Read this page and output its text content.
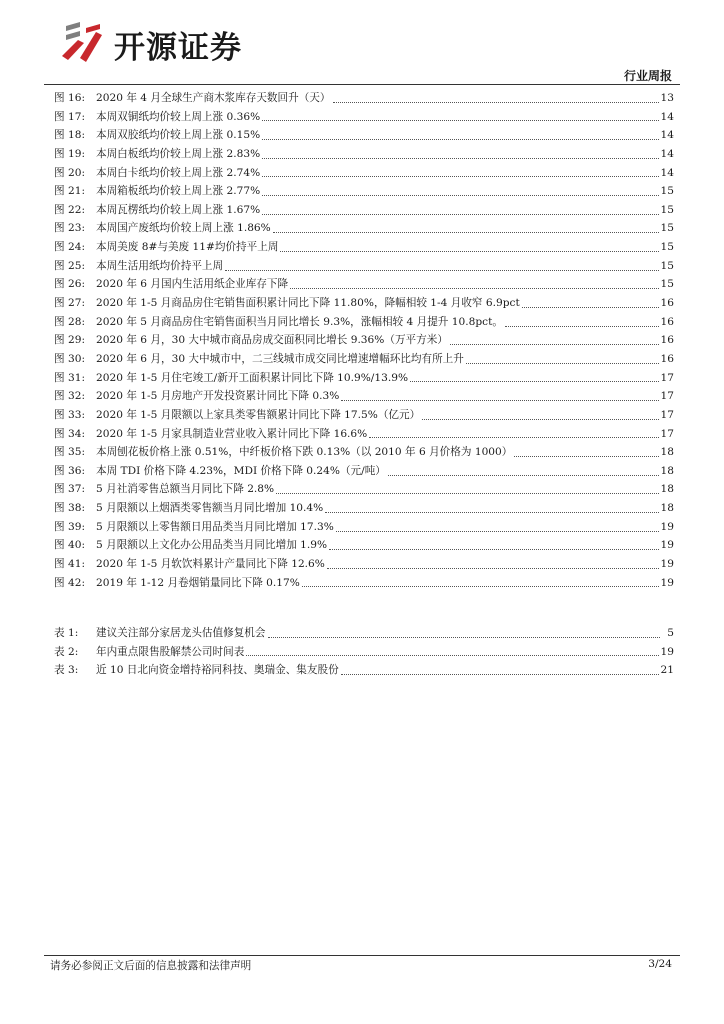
开源证券
行业周报
图 16:	2020 年 4 月全球生产商木浆库存天数回升（天）	13
图 17:	本周双铜纸均价较上周上涨 0.36%	14
图 18:	本周双胶纸均价较上周上涨 0.15%	14
图 19:	本周白板纸均价较上周上涨 2.83%	14
图 20:	本周白卡纸均价较上周上涨 2.74%	14
图 21:	本周箱板纸均价较上周上涨 2.77%	15
图 22:	本周瓦楞纸均价较上周上涨 1.67%	15
图 23:	本周国产废纸均价较上周上涨 1.86%	15
图 24:	本周美废 8#与美废 11#均价持平上周	15
图 25:	本周生活用纸均价持平上周	15
图 26:	2020 年 6 月国内生活用纸企业库存下降	15
图 27:	2020 年 1-5 月商品房住宅销售面积累计同比下降 11.80%，降幅相较 1-4 月收窄 6.9pct	16
图 28:	2020 年 5 月商品房住宅销售面积当月同比增长 9.3%，涨幅相较 4 月提升 10.8pct。	16
图 29:	2020 年 6 月，30 大中城市商品房成交面积同比增长 9.36%（万平方米）	16
图 30:	2020 年 6 月，30 大中城市中，二三线城市成交同比增速增幅环比均有所上升	16
图 31:	2020 年 1-5 月住宅竣工/新开工面积累计同比下降 10.9%/13.9%	17
图 32:	2020 年 1-5 月房地产开发投资累计同比下降 0.3%	17
图 33:	2020 年 1-5 月限额以上家具类零售额累计同比下降 17.5%（亿元）	17
图 34:	2020 年 1-5 月家具制造业营业收入累计同比下降 16.6%	17
图 35:	本周刨花板价格上涨 0.51%，中纤板价格下跌 0.13%（以 2010 年 6 月价格为 1000）	18
图 36:	本周 TDI 价格下降 4.23%，MDI 价格下降 0.24%（元/吨）	18
图 37:	5 月社消零售总额当月同比下降 2.8%	18
图 38:	5 月限额以上烟酒类零售额当月同比增加 10.4%	18
图 39:	5 月限额以上零售额日用品类当月同比增加 17.3%	19
图 40:	5 月限额以上文化办公用品类当月同比增加 1.9%	19
图 41:	2020 年 1-5 月软饮料累计产量同比下降 12.6%	19
图 42:	2019 年 1-12 月卷烟销量同比下降 0.17%	19
表 1:	建议关注部分家居龙头估值修复机会	5
表 2:	年内重点限售股解禁公司时间表	19
表 3:	近 10 日北向资金增持裕同科技、奥瑞金、集友股份	21
请务必参阅正文后面的信息披露和法律声明	3/24
